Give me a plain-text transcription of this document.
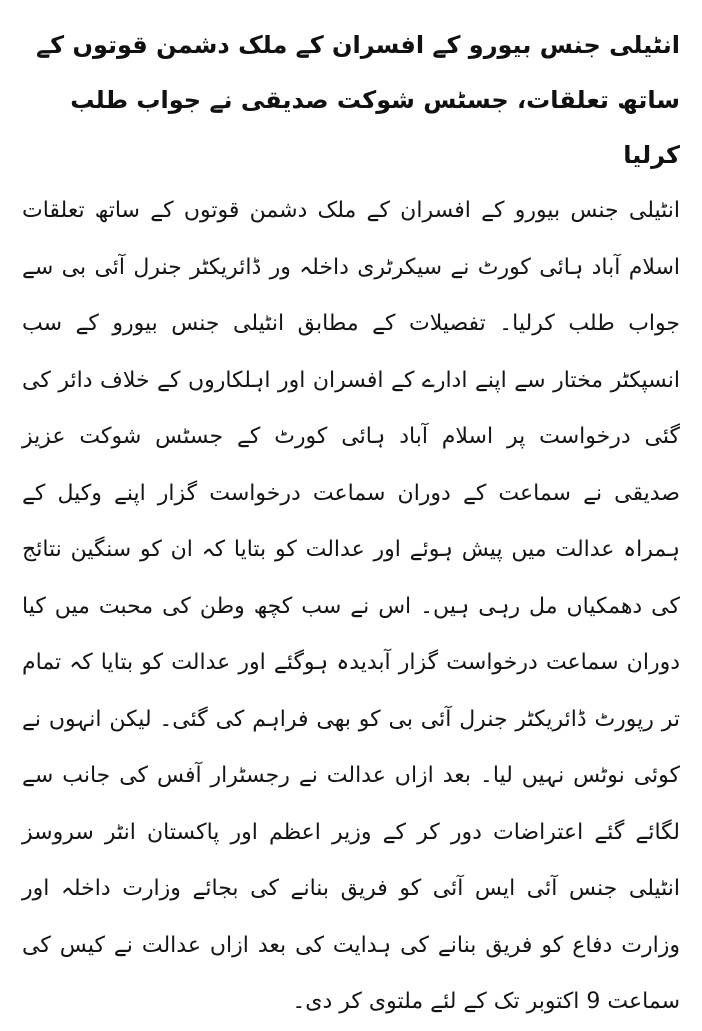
انٹیلی جنس بیورو کے افسران کے ملک دشمن قوتوں کے ساتھ تعلقات، جسٹس شوکت صدیقی نے جواب طلب کرلیا

انٹیلی جنس بیورو کے افسران کے ملک دشمن قوتوں کے ساتھ تعلقات اسلام آباد ہائی کورٹ نے سیکرٹری داخلہ ور ڈائریکٹر جنرل آئی بی سے جواب طلب کرلیا۔ تفصیلات کے مطابق انٹیلی جنس بیورو کے سب انسپکٹر مختار سے اپنے ادارے کے افسران اور اہلکاروں کے خلاف دائر کی گئی درخواست پر اسلام آباد ہائی کورٹ کے جسٹس شوکت عزیز صدیقی نے سماعت کے دوران سماعت درخواست گزار اپنے وکیل کے ہمراہ عدالت میں پیش ہوئے اور عدالت کو بتایا کہ ان کو سنگین نتائج کی دھمکیاں مل رہی ہیں۔ اس نے سب کچھ وطن کی محبت میں کیا دوران سماعت درخواست گزار آبدیدہ ہوگئے اور عدالت کو بتایا کہ تمام تر رپورٹ ڈائریکٹر جنرل آئی بی کو بھی فراہم کی گئی۔ لیکن انہوں نے کوئی نوٹس نہیں لیا۔ بعد ازاں عدالت نے رجسٹرار آفس کی جانب سے لگائے گئے اعتراضات دور کر کے وزیر اعظم اور پاکستان انٹر سروسز انٹیلی جنس آئی ایس آئی کو فریق بنانے کی بجائے وزارت داخلہ اور وزارت دفاع کو فریق بنانے کی ہدایت کی بعد ازاں عدالت نے کیس کی سماعت 9 اکتوبر تک کے لئے ملتوی کر دی۔
